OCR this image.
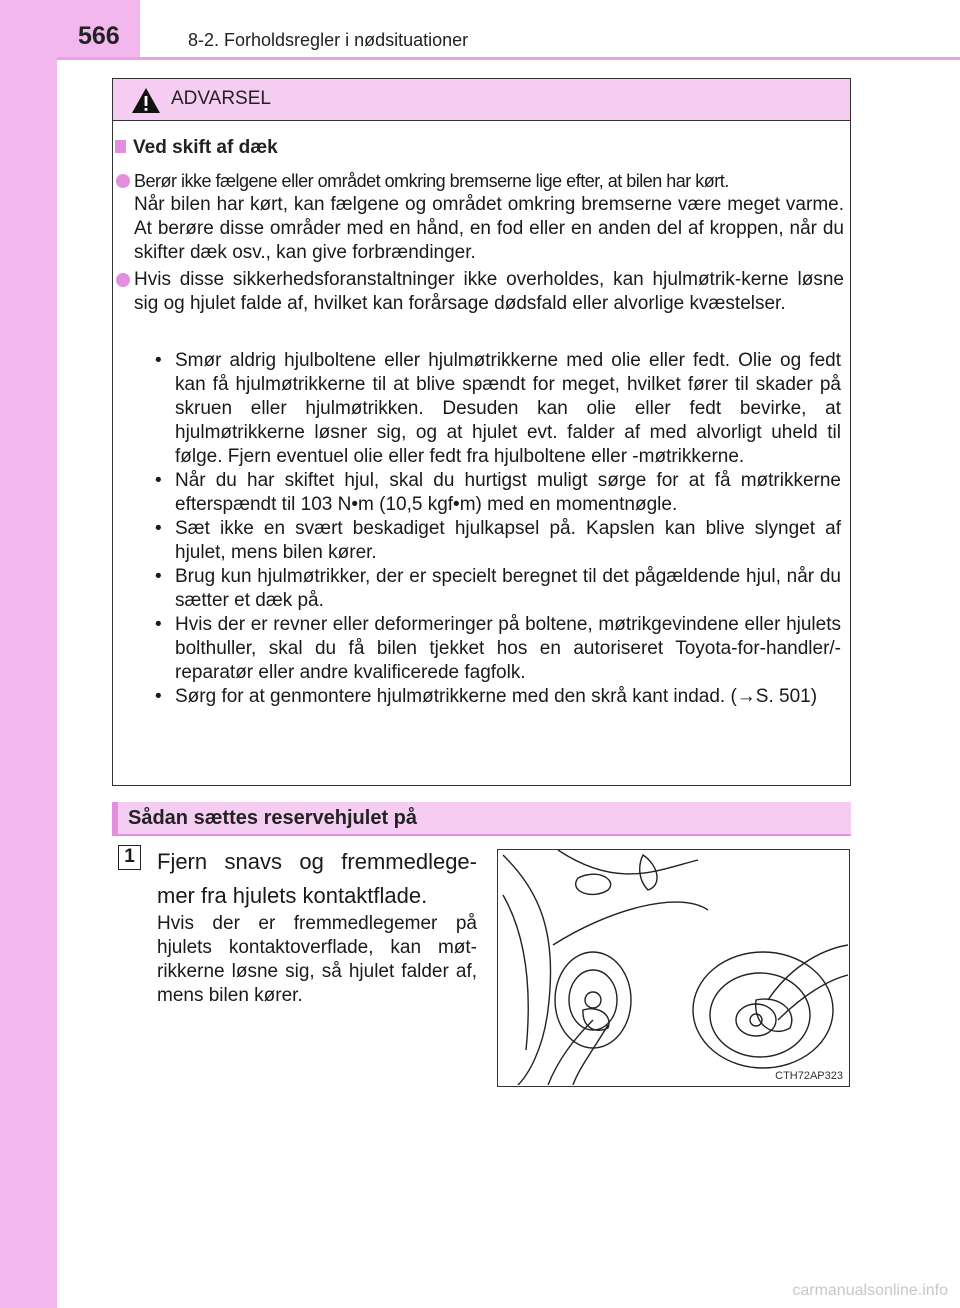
566	8-2. Forholdsregler i nødsituationer
ADVARSEL
Ved skift af dæk
Berør ikke fælgene eller området omkring bremserne lige efter, at bilen har kørt.
Når bilen har kørt, kan fælgene og området omkring bremserne være meget varme. At berøre disse områder med en hånd, en fod eller en anden del af kroppen, når du skifter dæk osv., kan give forbrændinger.
Hvis disse sikkerhedsforanstaltninger ikke overholdes, kan hjulmøtrik-kerne løsne sig og hjulet falde af, hvilket kan forårsage dødsfald eller alvorlige kvæstelser.
• Smør aldrig hjulboltene eller hjulmøtrikkerne med olie eller fedt. Olie og fedt kan få hjulmøtrikkerne til at blive spændt for meget, hvilket fører til skader på skruen eller hjulmøtrikken. Desuden kan olie eller fedt bevirke, at hjulmøtrikkerne løsner sig, og at hjulet evt. falder af med alvorligt uheld til følge. Fjern eventuel olie eller fedt fra hjulboltene eller -møtrikkerne.
• Når du har skiftet hjul, skal du hurtigst muligt sørge for at få møtrikkerne efterspændt til 103 N•m (10,5 kgf•m) med en momentnøgle.
• Sæt ikke en svært beskadiget hjulkapsel på. Kapslen kan blive slynget af hjulet, mens bilen kører.
• Brug kun hjulmøtrikker, der er specielt beregnet til det pågældende hjul, når du sætter et dæk på.
• Hvis der er revner eller deformeringer på boltene, møtrikgevindene eller hjulets bolthuller, skal du få bilen tjekket hos en autoriseret Toyota-for-handler/-reparatør eller andre kvalificerede fagfolk.
• Sørg for at genmontere hjulmøtrikkerne med den skrå kant indad. (→S. 501)
Sådan sættes reservehjulet på
1 Fjern snavs og fremmedlege-mer fra hjulets kontaktflade.
Hvis der er fremmedlegemer på hjulets kontaktoverflade, kan møt-rikkerne løsne sig, så hjulet falder af, mens bilen kører.
CTH72AP323
carmanualsonline.info
